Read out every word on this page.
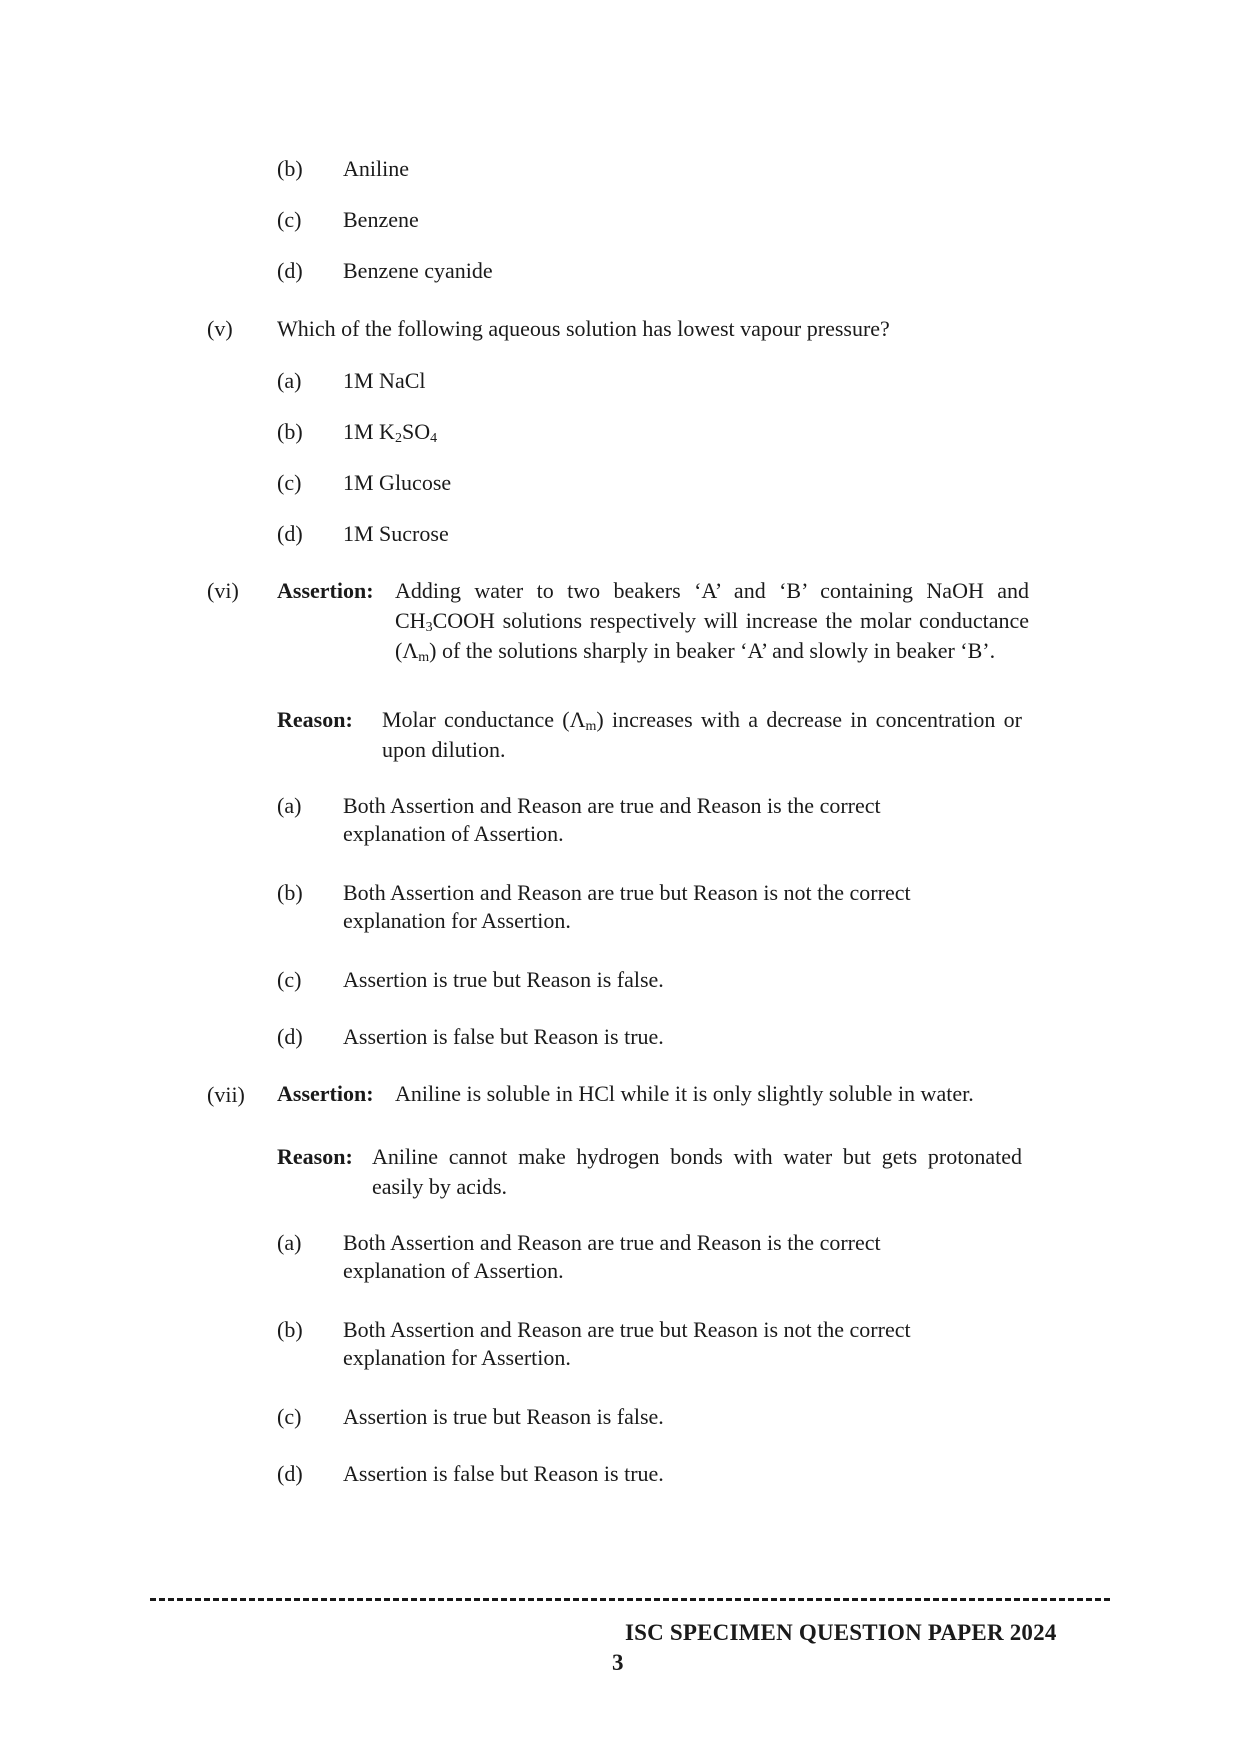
(b)	Aniline
(c)	Benzene
(d)	Benzene cyanide
(v) Which of the following aqueous solution has lowest vapour pressure?
(a)	1M NaCl
(b)	1M $K_2SO_4$
(c)	1M Glucose
(d)	1M Sucrose
(vi) Assertion: Adding water to two beakers ‘A’ and ‘B’ containing NaOH and $CH_3COOH$ solutions respectively will increase the molar conductance $(\Lambda_m)$ of the solutions sharply in beaker ‘A’ and slowly in beaker ‘B’.
Reason:	Molar conductance $(\Lambda_m)$ increases with a decrease in concentration or upon dilution.
(a)	Both Assertion and Reason are true and Reason is the correct explanation of Assertion.
(b)	Both Assertion and Reason are true but Reason is not the correct explanation for Assertion.
(c)	Assertion is true but Reason is false.
(d)	Assertion is false but Reason is true.
(vii) Assertion: Aniline is soluble in HCl while it is only slightly soluble in water.
Reason: Aniline cannot make hydrogen bonds with water but gets protonated easily by acids.
(a)	Both Assertion and Reason are true and Reason is the correct explanation of Assertion.
(b)	Both Assertion and Reason are true but Reason is not the correct explanation for Assertion.
(c)	Assertion is true but Reason is false.
(d)	Assertion is false but Reason is true.
ISC SPECIMEN QUESTION PAPER 2024
3
